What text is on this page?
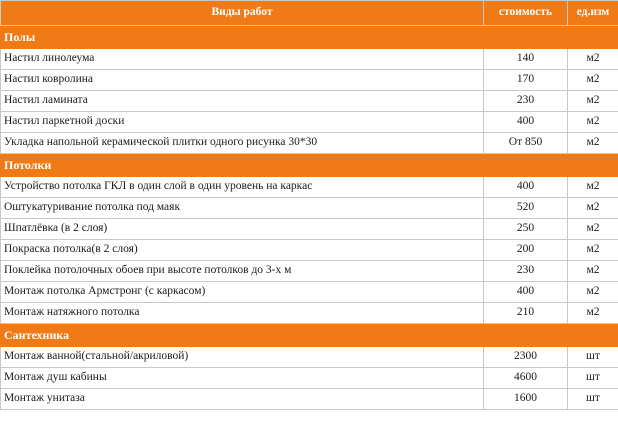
Виды работ	стоимость	ед.изм
Полы		
Настил линолеума	140	м2
Настил ковролина	170	м2
Настил ламината	230	м2
Настил паркетной доски	400	м2
Укладка напольной керамической плитки одного рисунка 30*30	От 850	м2
Потолки		
Устройство потолка ГКЛ в один слой в один уровень на каркас	400	м2
Оштукатуривание потолка под маяк	520	м2
Шпатлёвка (в 2 слоя)	250	м2
Покраска потолка(в 2 слоя)	200	м2
Поклейка потолочных обоев при высоте потолков до 3-х м	230	м2
Монтаж потолка Армстронг (с каркасом)	400	м2
Монтаж натяжного потолка	210	м2
Сантехника		
Монтаж ванной(стальной/акриловой)	2300	шт
Монтаж душ кабины	4600	шт
Монтаж унитаза	1600	шт
